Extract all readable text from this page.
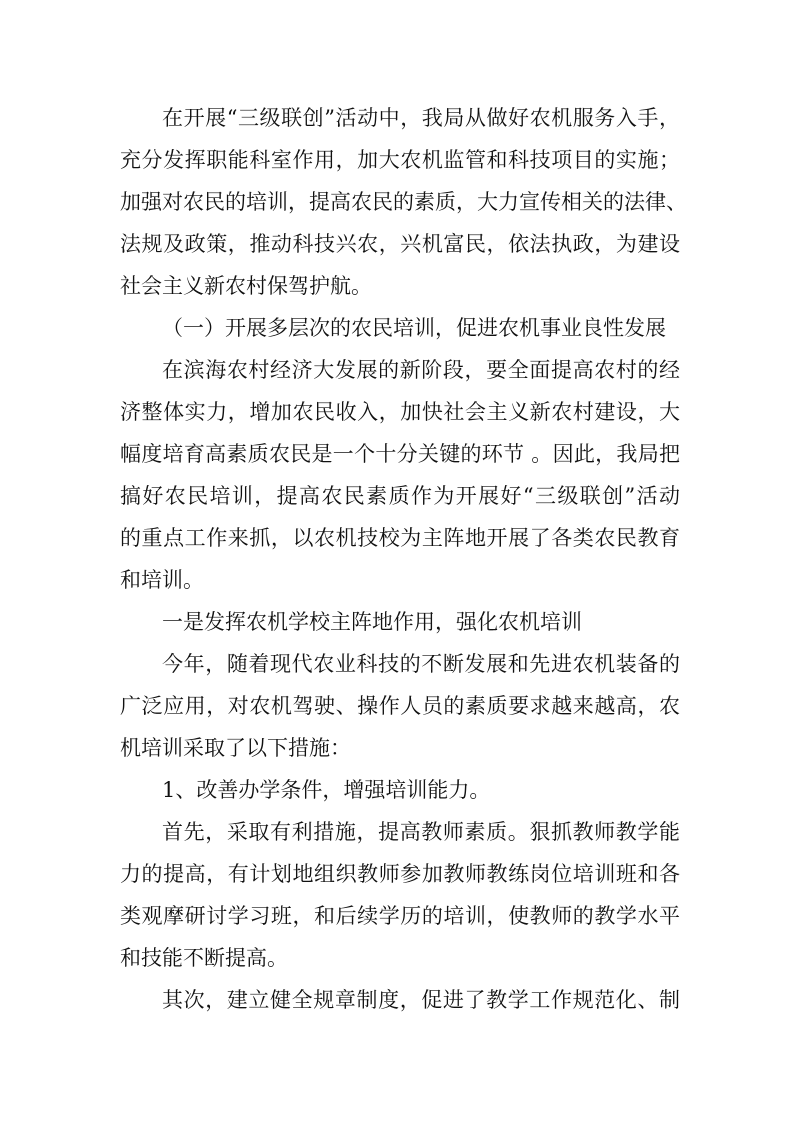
在开展“三级联创”活动中，我局从做好农机服务入手，

充分发挥职能科室作用，加大农机监管和科技项目的实施；

加强对农民的培训，提高农民的素质，大力宣传相关的法律、

法规及政策，推动科技兴农，兴机富民，依法执政，为建设

社会主义新农村保驾护航。

（一）开展多层次的农民培训，促进农机事业良性发展

在滨海农村经济大发展的新阶段，要全面提高农村的经

济整体实力，增加农民收入，加快社会主义新农村建设，大

幅度培育高素质农民是一个十分关键的环节 。因此，我局把

搞好农民培训，提高农民素质作为开展好“三级联创”活动

的重点工作来抓，以农机技校为主阵地开展了各类农民教育

和培训。

一是发挥农机学校主阵地作用，强化农机培训

今年，随着现代农业科技的不断发展和先进农机装备的

广泛应用，对农机驾驶、操作人员的素质要求越来越高，农

机培训采取了以下措施：

1、改善办学条件，增强培训能力。

首先，采取有利措施，提高教师素质。狠抓教师教学能

力的提高，有计划地组织教师参加教师教练岗位培训班和各

类观摩研讨学习班，和后续学历的培训，使教师的教学水平

和技能不断提高。

其次，建立健全规章制度，促进了教学工作规范化、制
